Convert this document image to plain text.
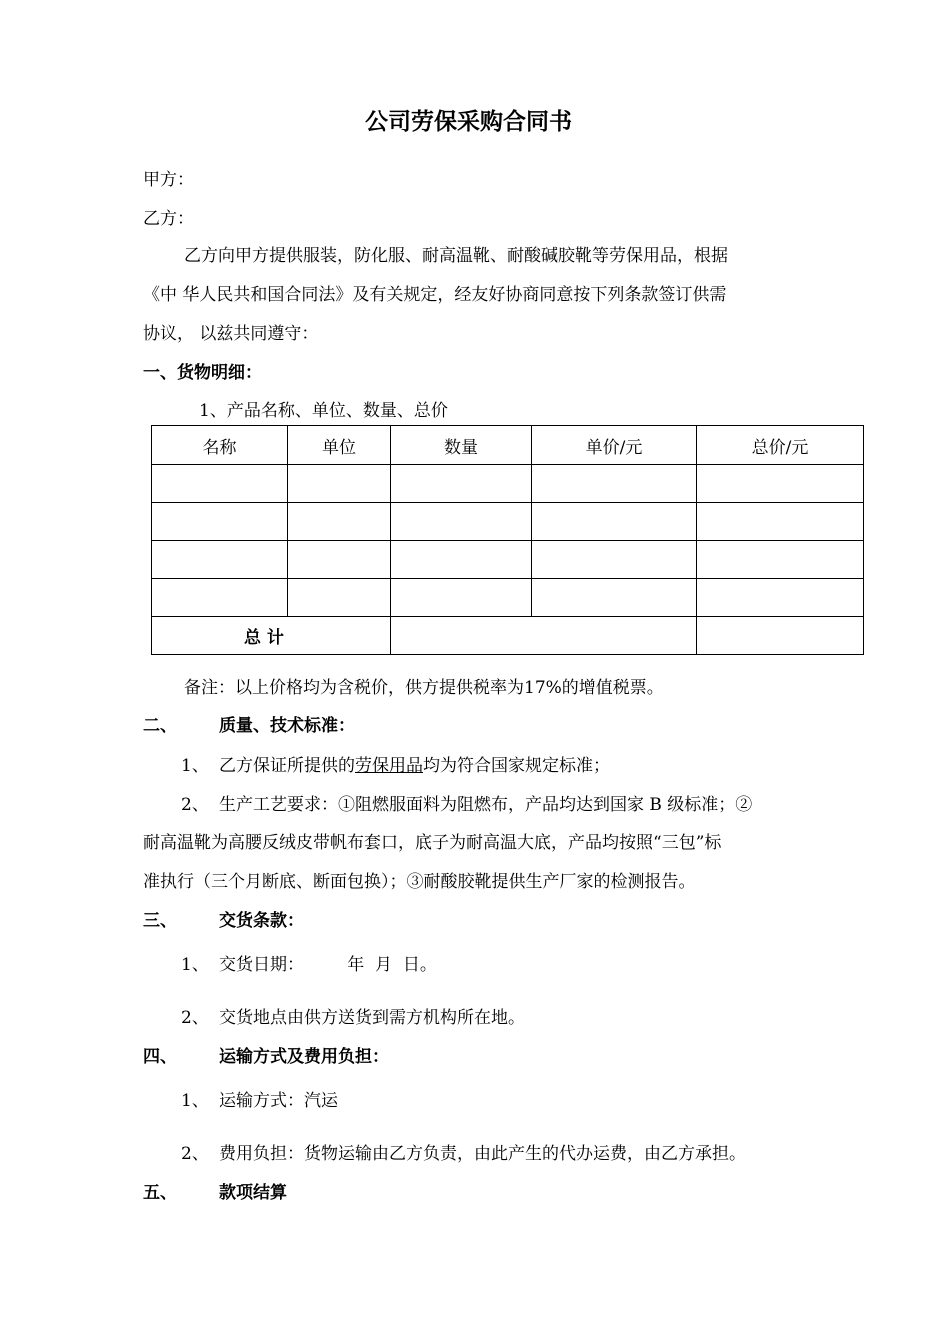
公司劳保采购合同书
甲方：
乙方：
乙方向甲方提供服装，防化服、耐高温靴、耐酸碱胶靴等劳保用品，根据
《中 华人民共和国合同法》及有关规定，经友好协商同意按下列条款签订供需
协议， 以兹共同遵守：
一、货物明细：
1、产品名称、单位、数量、总价
名称	单位	数量	单价/元	总价/元

总 计				
备注：以上价格均为含税价，供方提供税率为17%的增值税票。
二、 质量、技术标准：
1、 乙方保证所提供的劳保用品均为符合国家规定标准；
2、 生产工艺要求：①阻燃服面料为阻燃布，产品均达到国家 B 级标准；②
耐高温靴为高腰反绒皮带帆布套口，底子为耐高温大底，产品均按照“三包”标
准执行（三个月断底、断面包换）；③耐酸胶靴提供生产厂家的检测报告。
三、 交货条款：
1、 交货日期：        年  月  日。
2、 交货地点由供方送货到需方机构所在地。
四、 运输方式及费用负担：
1、 运输方式：汽运
2、 费用负担：货物运输由乙方负责，由此产生的代办运费，由乙方承担。
五、 款项结算
